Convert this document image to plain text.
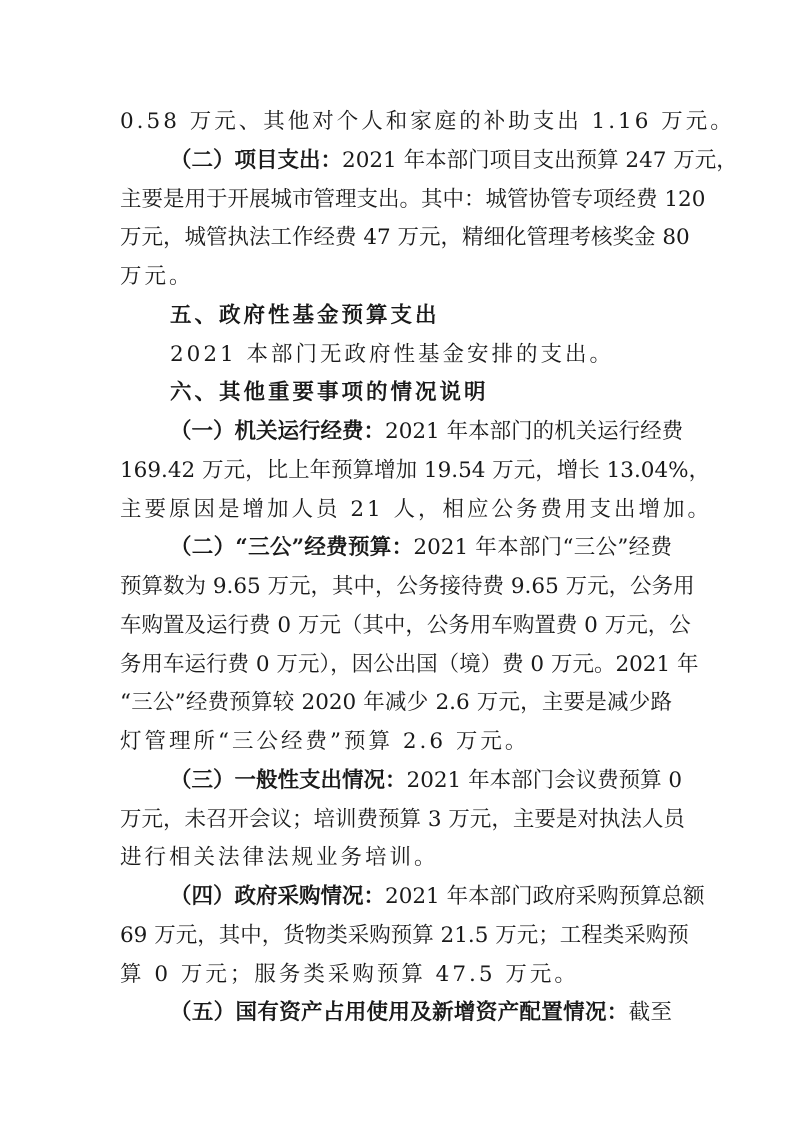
0.58 万元、其他对个人和家庭的补助支出 1.16 万元。
（二）项目支出：2021 年本部门项目支出预算 247 万元，
主要是用于开展城市管理支出。其中：城管协管专项经费 120
万元，城管执法工作经费 47 万元，精细化管理考核奖金 80
万元。
五、政府性基金预算支出
2021 本部门无政府性基金安排的支出。
六、其他重要事项的情况说明
（一）机关运行经费：2021 年本部门的机关运行经费
169.42 万元，比上年预算增加 19.54 万元，增长 13.04%，
主要原因是增加人员 21 人，相应公务费用支出增加。
（二）“三公”经费预算：2021 年本部门“三公”经费
预算数为 9.65 万元，其中，公务接待费 9.65 万元，公务用
车购置及运行费 0 万元（其中，公务用车购置费 0 万元，公
务用车运行费 0 万元），因公出国（境）费 0 万元。2021 年
“三公”经费预算较 2020 年减少 2.6 万元，主要是减少路
灯管理所“三公经费”预算 2.6 万元。
（三）一般性支出情况：2021 年本部门会议费预算 0
万元，未召开会议；培训费预算 3 万元，主要是对执法人员
进行相关法律法规业务培训。
（四）政府采购情况：2021 年本部门政府采购预算总额
69 万元，其中，货物类采购预算 21.5 万元；工程类采购预
算 0 万元；服务类采购预算 47.5 万元。
（五）国有资产占用使用及新增资产配置情况：截至
